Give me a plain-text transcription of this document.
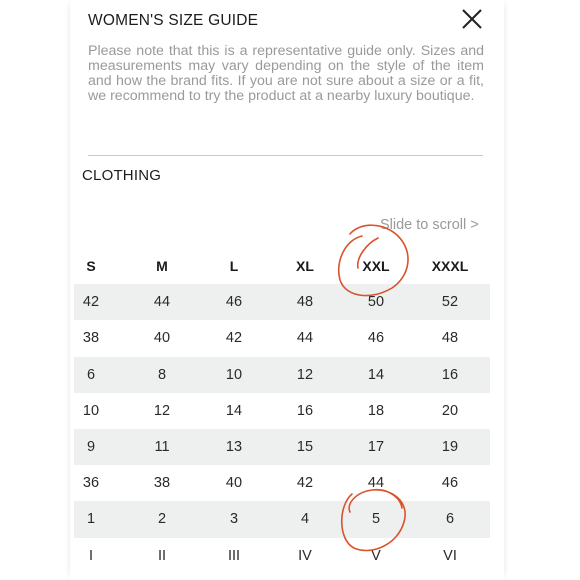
WOMEN'S SIZE GUIDE
Please note that this is a representative guide only. Sizes and measurements may vary depending on the style of the item and how the brand fits. If you are not sure about a size or a fit, we recommend to try the product at a nearby luxury boutique.
CLOTHING
Slide to scroll >
S	M	L	XL	XXL	XXXL
42	44	46	48	50	52
38	40	42	44	46	48
6	8	10	12	14	16
10	12	14	16	18	20
9	11	13	15	17	19
36	38	40	42	44	46
1	2	3	4	5	6
I	II	III	IV	V	VI
